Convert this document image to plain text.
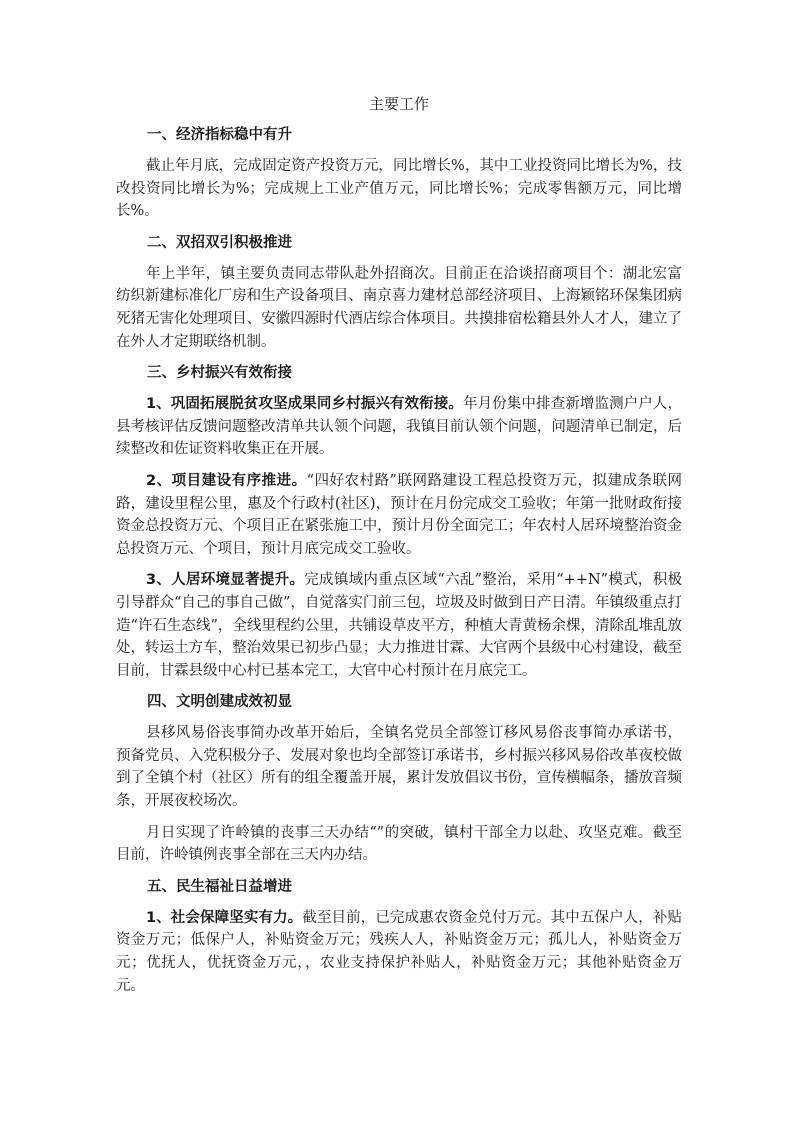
主要工作
一、经济指标稳中有升

截止年月底，完成固定资产投资万元，同比增长%，其中工业投资同比增长为%，技改投资同比增长为%；完成规上工业产值万元，同比增长%；完成零售额万元，同比增长%。

二、双招双引积极推进

年上半年，镇主要负责同志带队赴外招商次。目前正在洽谈招商项目个：湖北宏富纺织新建标准化厂房和生产设备项目、南京喜力建材总部经济项目、上海颖铭环保集团病死猪无害化处理项目、安徽四源时代酒店综合体项目。共摸排宿松籍县外人才人，建立了在外人才定期联络机制。

三、乡村振兴有效衔接

1、巩固拓展脱贫攻坚成果同乡村振兴有效衔接。年月份集中排查新增监测户户人，县考核评估反馈问题整改清单共认领个问题，我镇目前认领个问题，问题清单已制定，后续整改和佐证资料收集正在开展。

2、项目建设有序推进。“四好农村路”联网路建设工程总投资万元，拟建成条联网路，建设里程公里，惠及个行政村(社区)，预计在月份完成交工验收；年第一批财政衔接资金总投资万元、个项目正在紧张施工中，预计月份全面完工；年农村人居环境整治资金总投资万元、个项目，预计月底完成交工验收。

3、人居环境显著提升。完成镇域内重点区域“六乱”整治，采用“++N”模式，积极引导群众“自己的事自己做”，自觉落实门前三包，垃圾及时做到日产日清。年镇级重点打造“许石生态线”，全线里程约公里，共铺设草皮平方，种植大青黄杨余棵，清除乱堆乱放处，转运土方车，整治效果已初步凸显；大力推进甘霖、大官两个县级中心村建设，截至目前，甘霖县级中心村已基本完工，大官中心村预计在月底完工。

四、文明创建成效初显

县移风易俗丧事简办改革开始后，全镇名党员全部签订移风易俗丧事简办承诺书，预备党员、入党积极分子、发展对象也均全部签订承诺书，乡村振兴移风易俗改革夜校做到了全镇个村（社区）所有的组全覆盖开展，累计发放倡议书份，宣传横幅条，播放音频条，开展夜校场次。

月日实现了许岭镇的丧事三天办结“”的突破，镇村干部全力以赴、攻坚克难。截至目前，许岭镇例丧事全部在三天内办结。

五、民生福祉日益增进

1、社会保障坚实有力。截至目前，已完成惠农资金兑付万元。其中五保户人，补贴资金万元；低保户人，补贴资金万元；残疾人人，补贴资金万元；孤儿人，补贴资金万元；优抚人，优抚资金万元，，农业支持保护补贴人，补贴资金万元；其他补贴资金万元。
